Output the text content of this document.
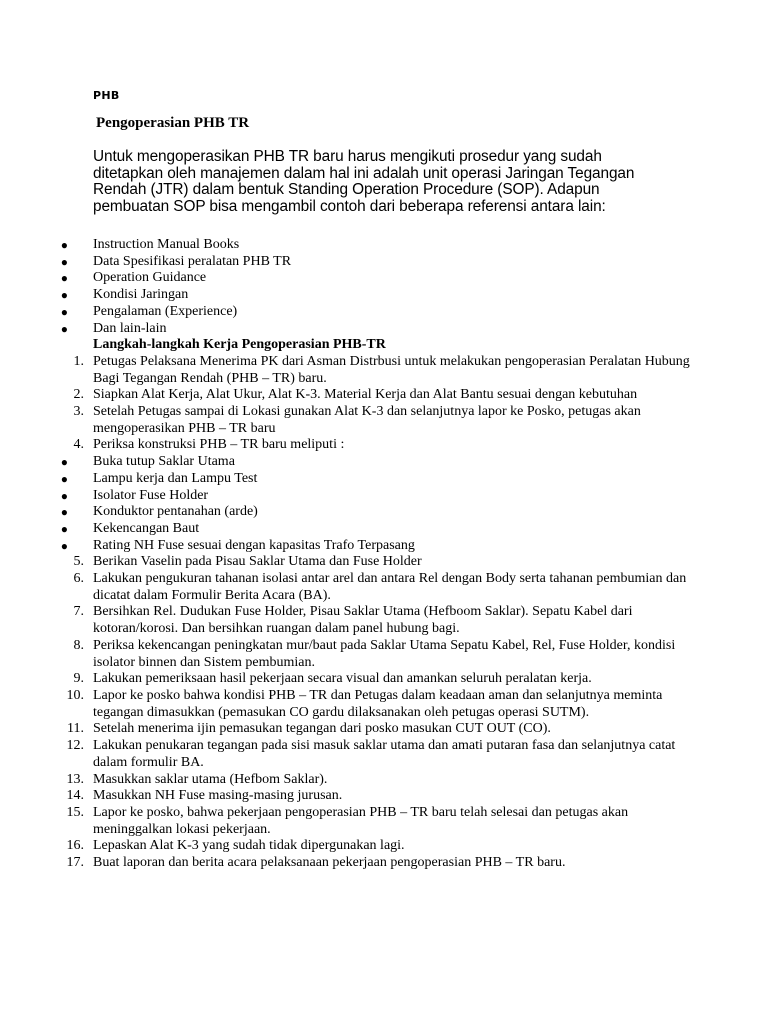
PHB
Pengoperasian PHB TR
Untuk mengoperasikan PHB TR baru harus mengikuti prosedur yang sudah ditetapkan oleh manajemen dalam hal ini adalah unit operasi Jaringan Tegangan Rendah (JTR) dalam bentuk Standing Operation Procedure (SOP). Adapun pembuatan SOP bisa mengambil contoh dari beberapa referensi antara lain:
● Instruction Manual Books
● Data Spesifikasi peralatan PHB TR
● Operation Guidance
● Kondisi Jaringan
● Pengalaman (Experience)
● Dan lain-lain
Langkah-langkah Kerja Pengoperasian PHB-TR
1. Petugas Pelaksana Menerima PK dari Asman Distrbusi untuk melakukan pengoperasian Peralatan Hubung Bagi Tegangan Rendah (PHB – TR) baru.
2. Siapkan Alat Kerja, Alat Ukur, Alat K-3. Material Kerja dan Alat Bantu sesuai dengan kebutuhan
3. Setelah Petugas sampai di Lokasi gunakan Alat K-3 dan selanjutnya lapor ke Posko, petugas akan mengoperasikan PHB – TR baru
4. Periksa konstruksi PHB – TR baru meliputi :
● Buka tutup Saklar Utama
● Lampu kerja dan Lampu Test
● Isolator Fuse Holder
● Konduktor pentanahan (arde)
● Kekencangan Baut
● Rating NH Fuse sesuai dengan kapasitas Trafo Terpasang
5. Berikan Vaselin pada Pisau Saklar Utama dan Fuse Holder
6. Lakukan pengukuran tahanan isolasi antar arel dan antara Rel dengan Body serta tahanan pembumian dan dicatat dalam Formulir Berita Acara (BA).
7. Bersihkan Rel. Dudukan Fuse Holder, Pisau Saklar Utama (Hefboom Saklar). Sepatu Kabel dari kotoran/korosi. Dan bersihkan ruangan dalam panel hubung bagi.
8. Periksa kekencangan peningkatan mur/baut pada Saklar Utama Sepatu Kabel, Rel, Fuse Holder, kondisi isolator binnen dan Sistem pembumian.
9. Lakukan pemeriksaan hasil pekerjaan secara visual dan amankan seluruh peralatan kerja.
10. Lapor ke posko bahwa kondisi PHB – TR dan Petugas dalam keadaan aman dan selanjutnya meminta tegangan dimasukkan (pemasukan CO gardu dilaksanakan oleh petugas operasi SUTM).
11. Setelah menerima ijin pemasukan tegangan dari posko masukan CUT OUT (CO).
12. Lakukan penukaran tegangan pada sisi masuk saklar utama dan amati putaran fasa dan selanjutnya catat dalam formulir BA.
13. Masukkan saklar utama (Hefbom Saklar).
14. Masukkan NH Fuse masing-masing jurusan.
15. Lapor ke posko, bahwa pekerjaan pengoperasian PHB – TR baru telah selesai dan petugas akan meninggalkan lokasi pekerjaan.
16. Lepaskan Alat K-3 yang sudah tidak dipergunakan lagi.
17. Buat laporan dan berita acara pelaksanaan pekerjaan pengoperasian PHB – TR baru.
